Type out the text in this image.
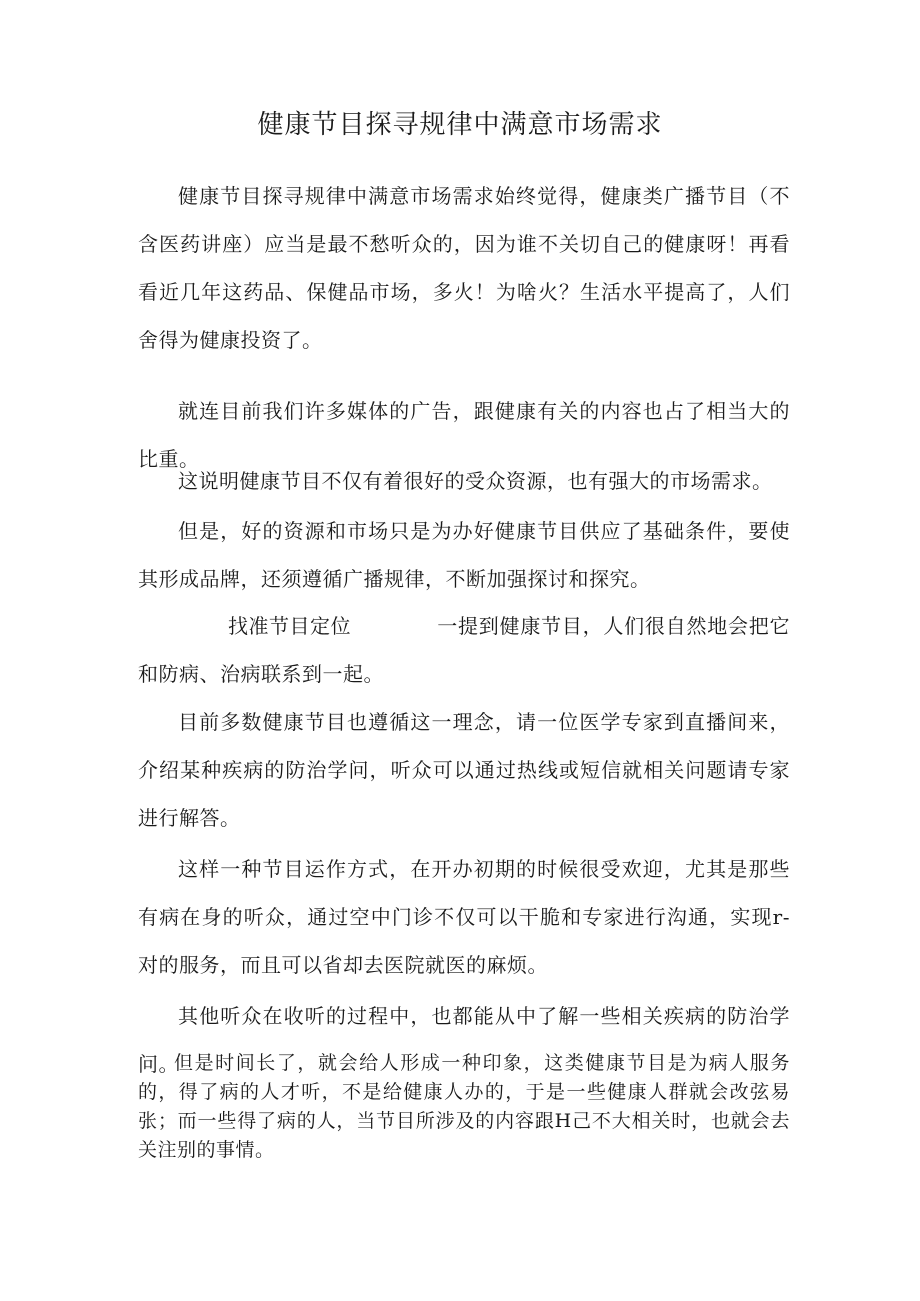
健康节目探寻规律中满意市场需求

健康节目探寻规律中满意市场需求始终觉得，健康类广播节目（不含医药讲座）应当是最不愁听众的，因为谁不关切自己的健康呀！再看看近几年这药品、保健品市场，多火！为啥火？生活水平提高了，人们舍得为健康投资了。

就连目前我们许多媒体的广告，跟健康有关的内容也占了相当大的比重。

这说明健康节目不仅有着很好的受众资源，也有强大的市场需求。

但是，好的资源和市场只是为办好健康节目供应了基础条件，要使其形成品牌，还须遵循广播规律，不断加强探讨和探究。

找准节目定位	一提到健康节目，人们很自然地会把它和防病、治病联系到一起。

目前多数健康节目也遵循这一理念，请一位医学专家到直播间来，介绍某种疾病的防治学问，听众可以通过热线或短信就相关问题请专家进行解答。

这样一种节目运作方式，在开办初期的时候很受欢迎，尤其是那些有病在身的听众，通过空中门诊不仅可以干脆和专家进行沟通，实现r-对的服务，而且可以省却去医院就医的麻烦。

其他听众在收听的过程中，也都能从中了解一些相关疾病的防治学问。

但是时间长了，就会给人形成一种印象，这类健康节目是为病人服务的，得了病的人才听，不是给健康人办的，于是一些健康人群就会改弦易张；而一些得了病的人，当节目所涉及的内容跟H己不大相关时，也就会去关注别的事情。
